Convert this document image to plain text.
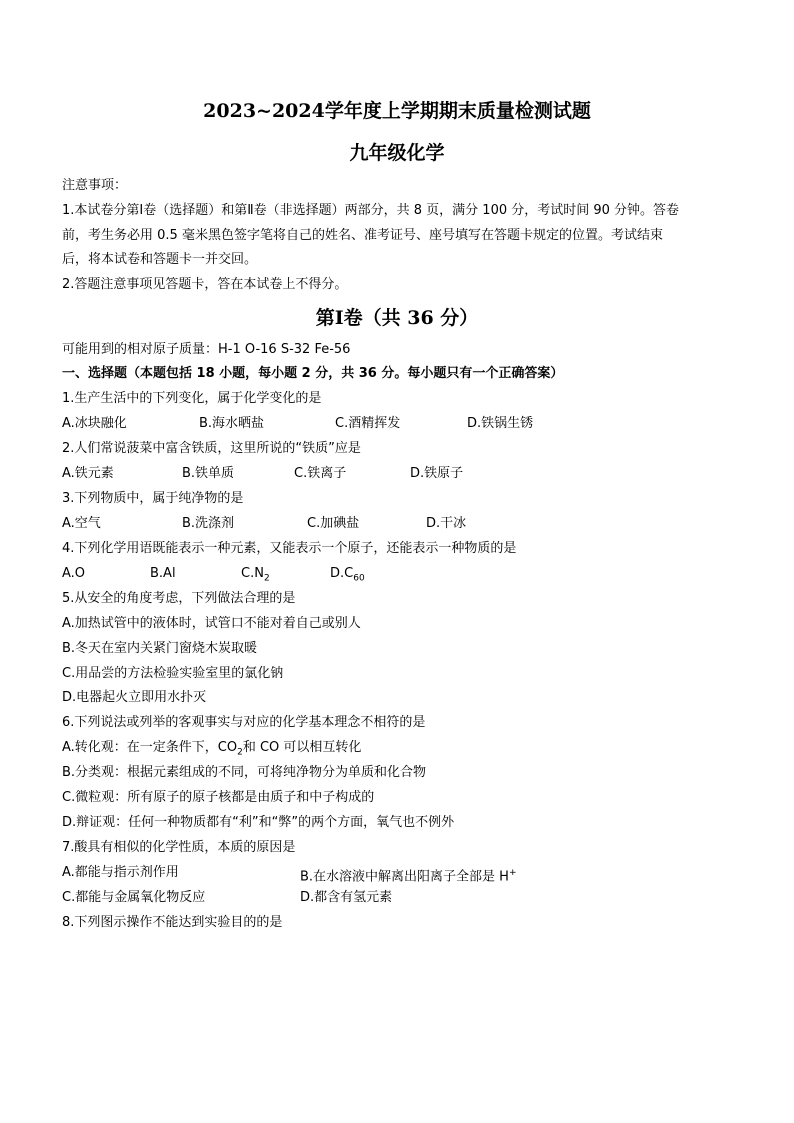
2023~2024学年度上学期期末质量检测试题
九年级化学
注意事项：
1.本试卷分第Ⅰ卷（选择题）和第Ⅱ卷（非选择题）两部分，共 8 页，满分 100 分，考试时间 90 分钟。答卷
前，考生务必用 0.5 毫米黑色签字笔将自己的姓名、准考证号、座号填写在答题卡规定的位置。考试结束
后，将本试卷和答题卡一并交回。
2.答题注意事项见答题卡，答在本试卷上不得分。
第Ⅰ卷（共 36 分）
可能用到的相对原子质量：H-1 O-16 S-32 Fe-56
一、选择题（本题包括 18 小题，每小题 2 分，共 36 分。每小题只有一个正确答案）
1.生产生活中的下列变化，属于化学变化的是
A.冰块融化	B.海水晒盐	C.酒精挥发	D.铁锅生锈
2.人们常说菠菜中富含铁质，这里所说的“铁质”应是
A.铁元素	B.铁单质	C.铁离子	D.铁原子
3.下列物质中，属于纯净物的是
A.空气	B.洗涤剂	C.加碘盐	D.干冰
4.下列化学用语既能表示一种元素，又能表示一个原子，还能表示一种物质的是
A.O	B.Al	$C.N_2$	$D.C_{60}$
5.从安全的角度考虑，下列做法合理的是
A.加热试管中的液体时，试管口不能对着自己或别人
B.冬天在室内关紧门窗烧木炭取暖
C.用品尝的方法检验实验室里的氯化钠
D.电器起火立即用水扑灭
6.下列说法或列举的客观事实与对应的化学基本理念不相符的是
A.转化观：在一定条件下，$CO_2$和 CO 可以相互转化
B.分类观：根据元素组成的不同，可将纯净物分为单质和化合物
C.微粒观：所有原子的原子核都是由质子和中子构成的
D.辩证观：任何一种物质都有“利”和“弊”的两个方面，氧气也不例外
7.酸具有相似的化学性质，本质的原因是
A.都能与指示剂作用	B.在水溶液中解离出阳离子全部是 H+
C.都能与金属氧化物反应	D.都含有氢元素
8.下列图示操作不能达到实验目的的是
